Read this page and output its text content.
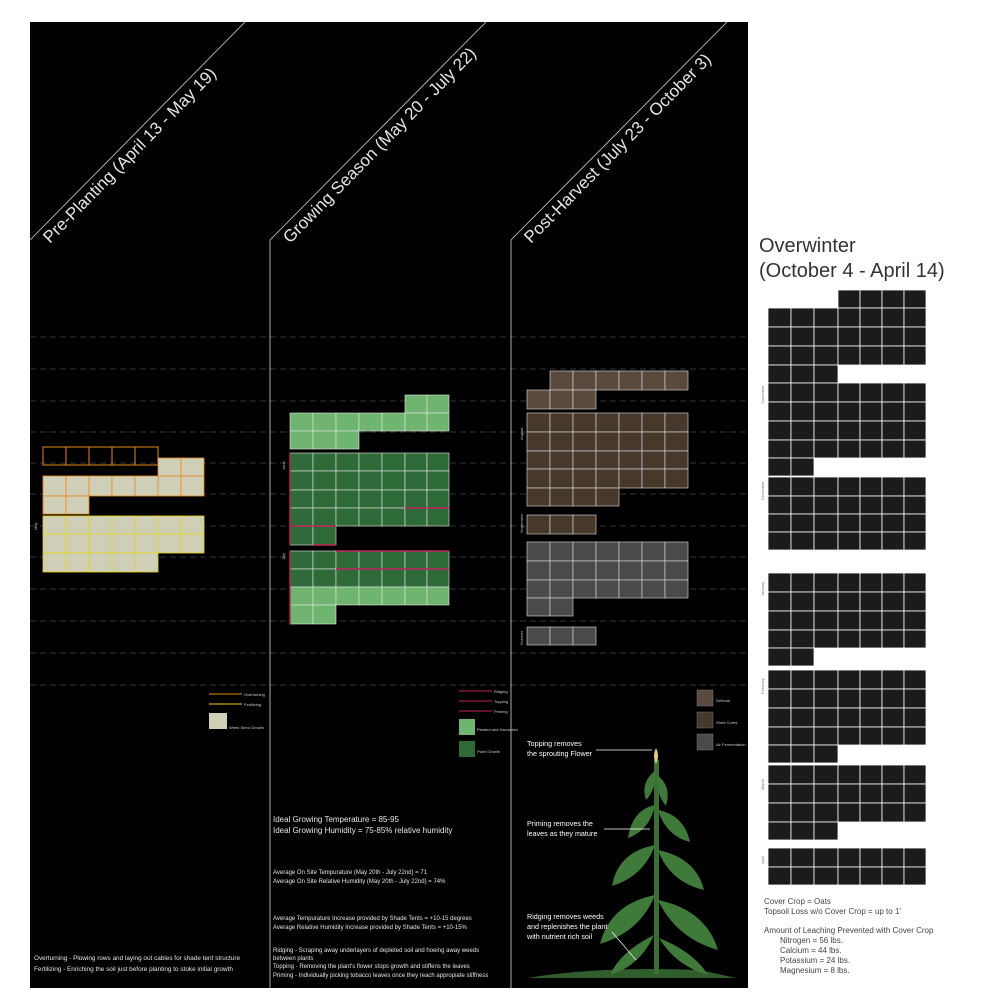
Pre-Planting (April 13 - May 19)	Growing Season (May 20 - July 22) Post-Harvest (July 23 - October 3)
May
Overturning
Fertilizing
Weed Seed Growth
Overturning - Plowing rows and laying out cables for shade tent structure
Fertilizing - Enriching the soil just before planting to stoke initial growth
June
July
Ridging
Topping
Priming
Planted and Harvested
Plant Growth
Ideal Growing Temperature = 85-95
Ideal Growing Humidity = 75-85% relative humidity
Average On Site Tempurature (May 20th - July 22nd) = 71
Average On Site Relative Humidity (May 20th - July 22nd) = 74%
Average Tempurature Increase provided by Shade Tents = +10-15 degrees
Average Relative Humidity Increase provided by Shade Tents = +10-15%
Ridging - Scraping away underlayers of depleted soil and hoeing away weeds
between plants
Topping - Removing the plant's flower stops growth and stiffens the leaves
Priming - Individually picking tobacco leaves once they reach appropiate stiffness
August
September
October
Dehead
Shed Cured
Air Fermentation
Topping removes
the sprouting Flower
Priming removes the
leaves as they mature
Ridging removes weeds
and replenishes the plant
with nutrient rich soil
November
December
January
February
March
April
Overwinter
(October 4 - April 14)
Cover Crop = Oats
Topsoil Loss w/o Cover Crop = up to 1'
Amount of Leaching Prevented with Cover Crop
Nitrogen = 56 lbs.
Calcium = 44 lbs.
Potassium = 24 lbs.
Magnesium = 8 lbs.
